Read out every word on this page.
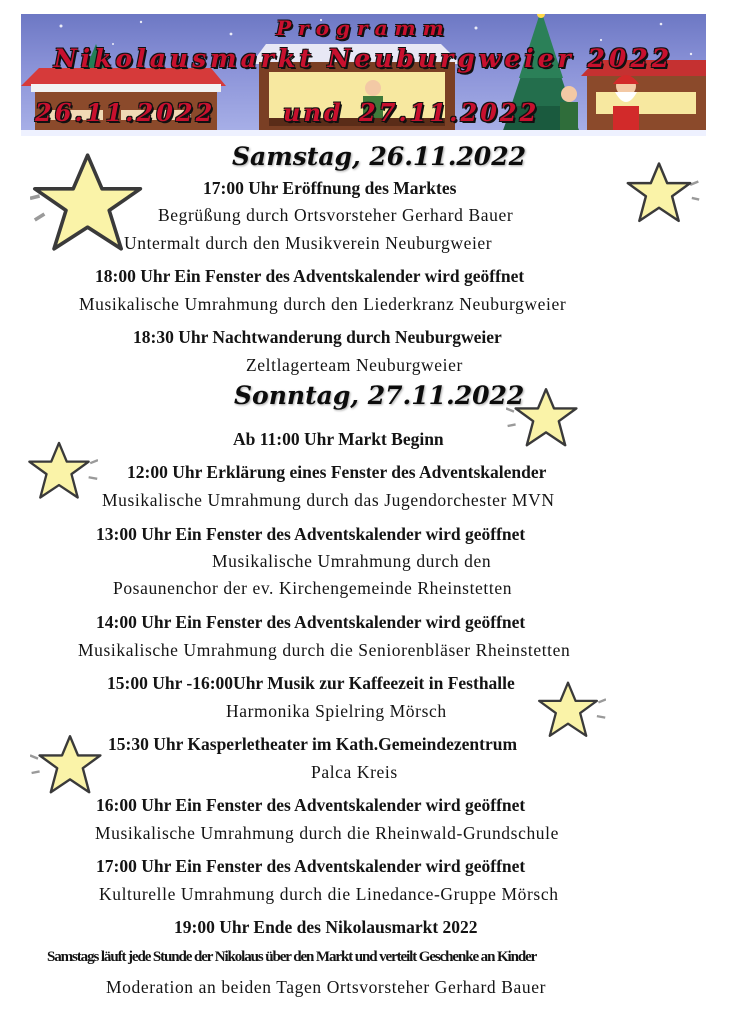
Programm
Nikolausmarkt Neuburgweier 2022
26.11.2022	und 27.11.2022
Samstag, 26.11.2022
17:00 Uhr Eröffnung des Marktes
Begrüßung durch Ortsvorsteher Gerhard Bauer
Untermalt durch den Musikverein Neuburgweier
18:00 Uhr Ein Fenster des Adventskalender wird geöffnet
Musikalische Umrahmung durch den Liederkranz Neuburgweier
18:30 Uhr Nachtwanderung durch Neuburgweier
Zeltlagerteam Neuburgweier
Sonntag, 27.11.2022
Ab 11:00 Uhr Markt Beginn
12:00 Uhr Erklärung eines Fenster des Adventskalender
Musikalische Umrahmung durch das Jugendorchester MVN
13:00 Uhr Ein Fenster des Adventskalender wird geöffnet
Musikalische Umrahmung durch den
Posaunenchor der ev. Kirchengemeinde Rheinstetten
14:00 Uhr Ein Fenster des Adventskalender wird geöffnet
Musikalische Umrahmung durch die Seniorenbläser Rheinstetten
15:00 Uhr -16:00Uhr Musik zur Kaffeezeit in Festhalle
Harmonika Spielring Mörsch
15:30 Uhr Kasperletheater im Kath.Gemeindezentrum
Palca Kreis
16:00 Uhr Ein Fenster des Adventskalender wird geöffnet
Musikalische Umrahmung durch die Rheinwald-Grundschule
17:00 Uhr Ein Fenster des Adventskalender wird geöffnet
Kulturelle Umrahmung durch die Linedance-Gruppe Mörsch
19:00 Uhr Ende des Nikolausmarkt 2022
Samstags läuft jede Stunde der Nikolaus über den Markt und verteilt Geschenke an Kinder
Moderation an beiden Tagen Ortsvorsteher Gerhard Bauer
